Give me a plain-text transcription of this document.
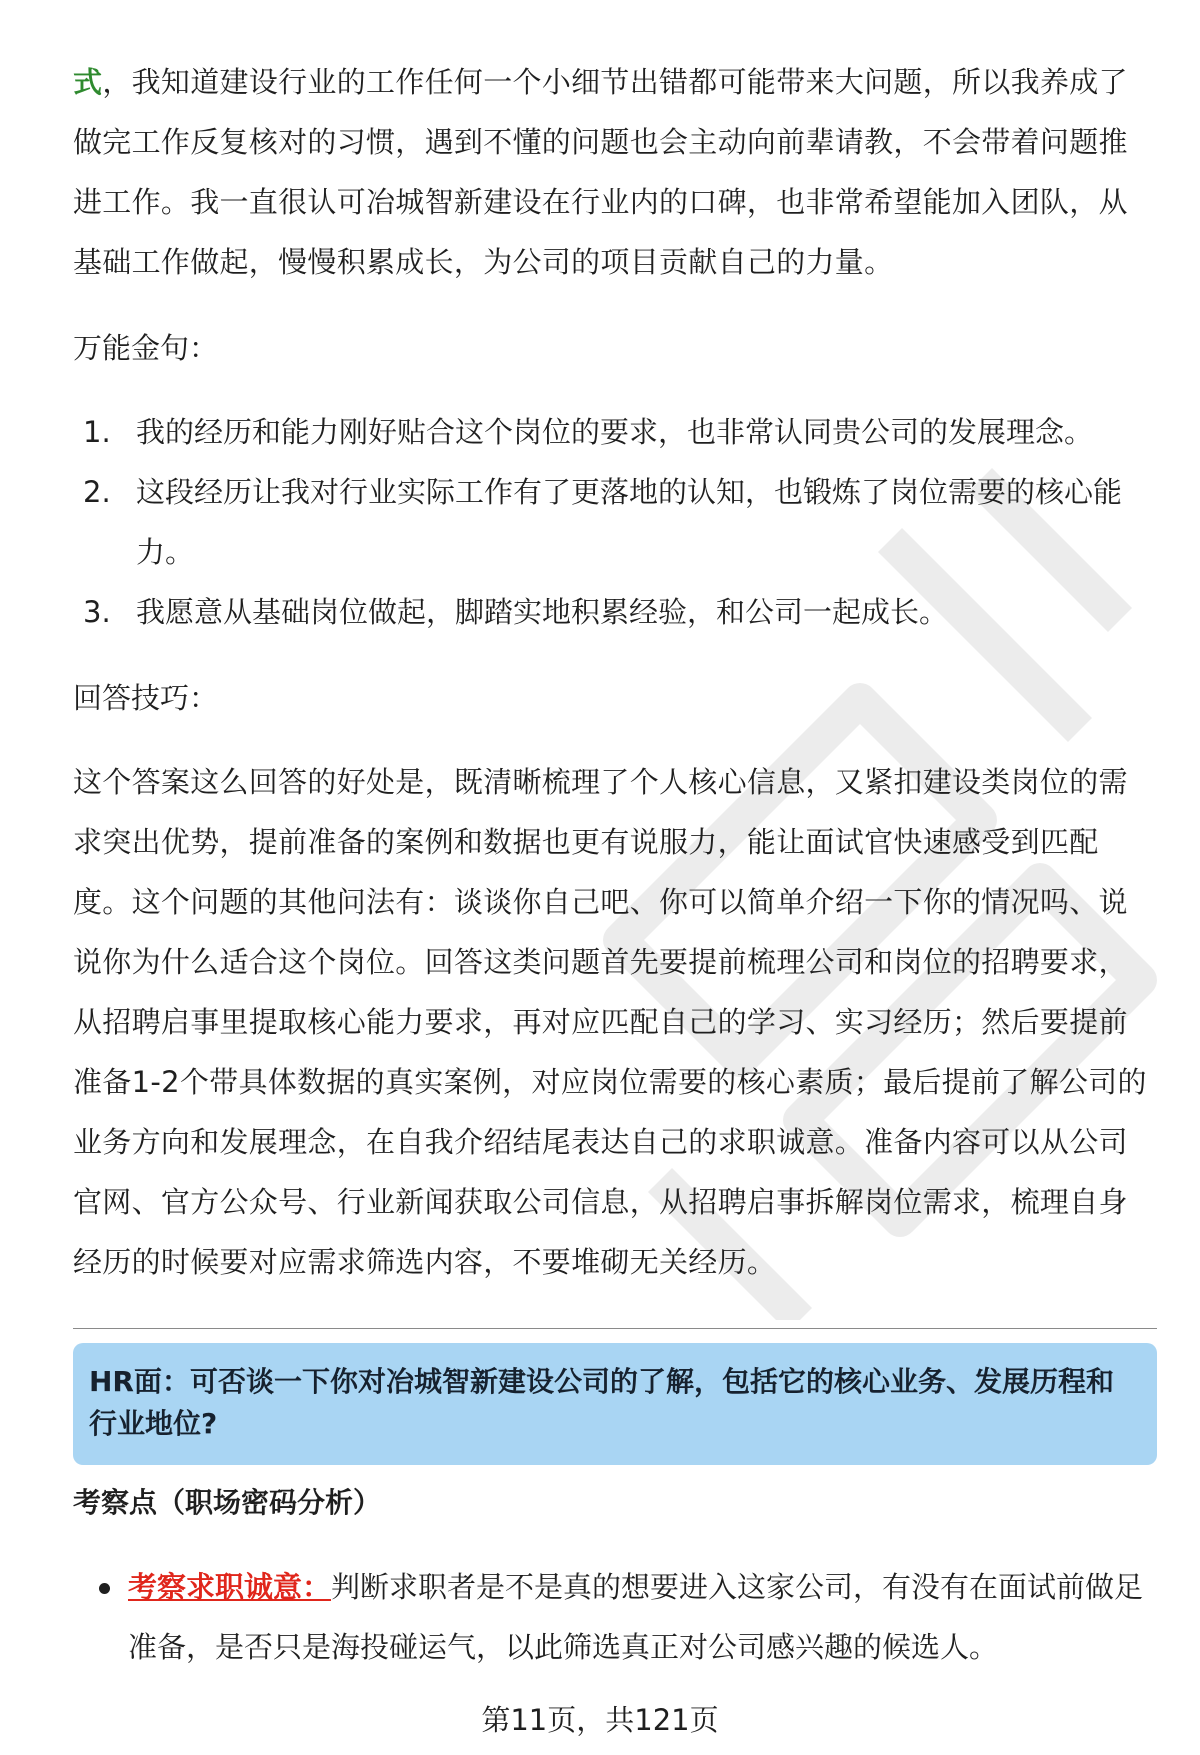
式，我知道建设行业的工作任何一个小细节出错都可能带来大问题，所以我养成了做完工作反复核对的习惯，遇到不懂的问题也会主动向前辈请教，不会带着问题推进工作。我一直很认可冶城智新建设在行业内的口碑，也非常希望能加入团队，从基础工作做起，慢慢积累成长，为公司的项目贡献自己的力量。

万能金句：
1. 我的经历和能力刚好贴合这个岗位的要求，也非常认同贵公司的发展理念。
2. 这段经历让我对行业实际工作有了更落地的认知，也锻炼了岗位需要的核心能力。
3. 我愿意从基础岗位做起，脚踏实地积累经验，和公司一起成长。
回答技巧：

这个答案这么回答的好处是，既清晰梳理了个人核心信息，又紧扣建设类岗位的需求突出优势，提前准备的案例和数据也更有说服力，能让面试官快速感受到匹配度。这个问题的其他问法有：谈谈你自己吧、你可以简单介绍一下你的情况吗、说说你为什么适合这个岗位。回答这类问题首先要提前梳理公司和岗位的招聘要求，从招聘启事里提取核心能力要求，再对应匹配自己的学习、实习经历；然后要提前准备1-2个带具体数据的真实案例，对应岗位需要的核心素质；最后提前了解公司的业务方向和发展理念，在自我介绍结尾表达自己的求职诚意。准备内容可以从公司官网、官方公众号、行业新闻获取公司信息，从招聘启事拆解岗位需求，梳理自身经历的时候要对应需求筛选内容，不要堆砌无关经历。

HR面：可否谈一下你对冶城智新建设公司的了解，包括它的核心业务、发展历程和行业地位?
考察点（职场密码分析）
考察求职诚意：判断求职者是不是真的想要进入这家公司，有没有在面试前做足准备，是否只是海投碰运气，以此筛选真正对公司感兴趣的候选人。
第11页，共121页
